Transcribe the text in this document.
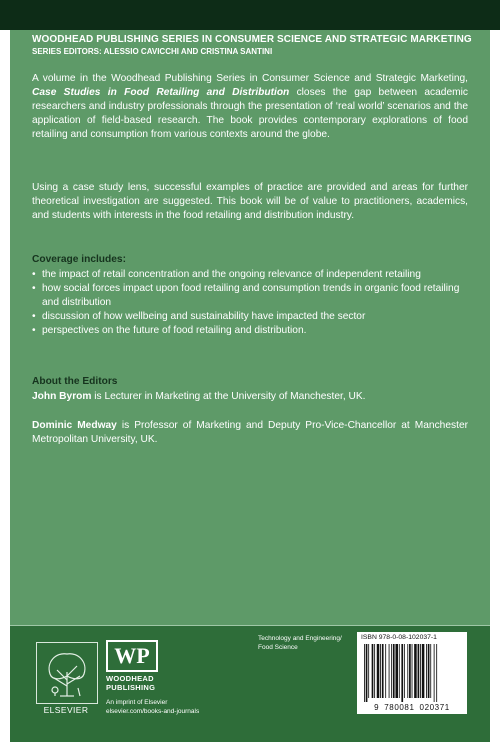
WOODHEAD PUBLISHING SERIES IN CONSUMER SCIENCE AND STRATEGIC MARKETING
SERIES EDITORS: ALESSIO CAVICCHI AND CRISTINA SANTINI
A volume in the Woodhead Publishing Series in Consumer Science and Strategic Marketing, Case Studies in Food Retailing and Distribution closes the gap between academic researchers and industry professionals through the presentation of ‘real world’ scenarios and the application of field-based research. The book provides contemporary explorations of food retailing and consumption from various contexts around the globe.
Using a case study lens, successful examples of practice are provided and areas for further theoretical investigation are suggested. This book will be of value to practitioners, academics, and students with interests in the food retailing and distribution industry.
Coverage includes:
• the impact of retail concentration and the ongoing relevance of independent retailing
• how social forces impact upon food retailing and consumption trends in organic food retailing and distribution
• discussion of how wellbeing and sustainability have impacted the sector
• perspectives on the future of food retailing and distribution.
About the Editors
John Byrom is Lecturer in Marketing at the University of Manchester, UK.
Dominic Medway is Professor of Marketing and Deputy Pro-Vice-Chancellor at Manchester Metropolitan University, UK.
Technology and Engineering/
Food Science
ELSEVIER
WP
WOODHEAD
PUBLISHING
An imprint of Elsevier
elsevier.com/books-and-journals
ISBN 978-0-08-102037-1
9 780081 020371
